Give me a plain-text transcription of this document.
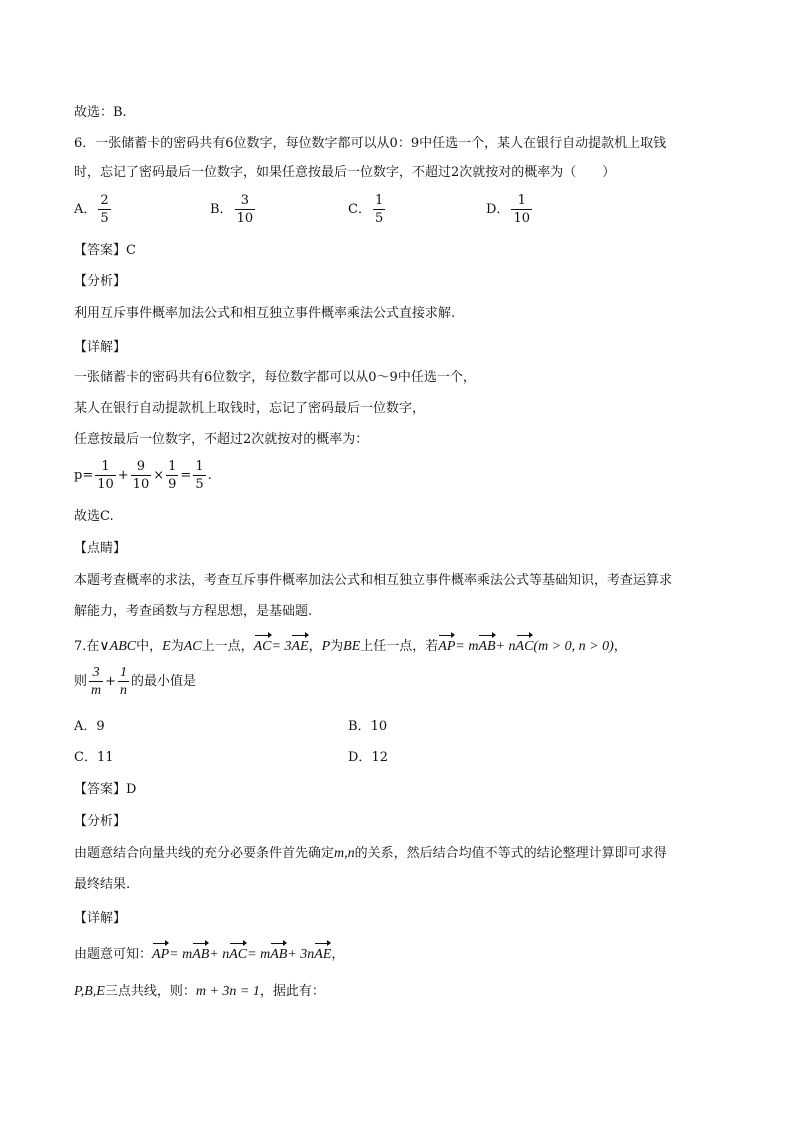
故选：B.
6．一张储蓄卡的密码共有6位数字，每位数字都可以从0：9中任选一个，某人在银行自动提款机上取钱
时，忘记了密码最后一位数字，如果任意按最后一位数字，不超过2次就按对的概率为（　　）
A． $\frac{2}{5}$	B． $\frac{3}{10}$	C． $\frac{1}{5}$	D． $\frac{1}{10}$
【答案】C
【分析】
利用互斥事件概率加法公式和相互独立事件概率乘法公式直接求解.
【详解】
一张储蓄卡的密码共有6位数字，每位数字都可以从0～9中任选一个，
某人在银行自动提款机上取钱时，忘记了密码最后一位数字，
任意按最后一位数字，不超过2次就按对的概率为：
$p= \frac{1}{10} + \frac{9}{10} \times \frac{1}{9} = \frac{1}{5}$ .
故选C.
【点睛】
本题考查概率的求法，考查互斥事件概率加法公式和相互独立事件概率乘法公式等基础知识，考查运算求
解能力，考查函数与方程思想，是基础题.
7.在∨ABC中，E为AC上一点，AC= 3AE，P为BE上任一点，若AP= mAB+ nAC(m > 0, n > 0)，
则 $\frac{3}{m} + \frac{1}{n}$ 的最小值是
A．9	B．10
C．11	D．12
【答案】D
【分析】
由题意结合向量共线的充分必要条件首先确定m,n的关系，然后结合均值不等式的结论整理计算即可求得
最终结果.
【详解】
由题意可知：AP= mAB+ nAC= mAB+ 3nAE，
P,B,E三点共线，则：m + 3n = 1，据此有：
